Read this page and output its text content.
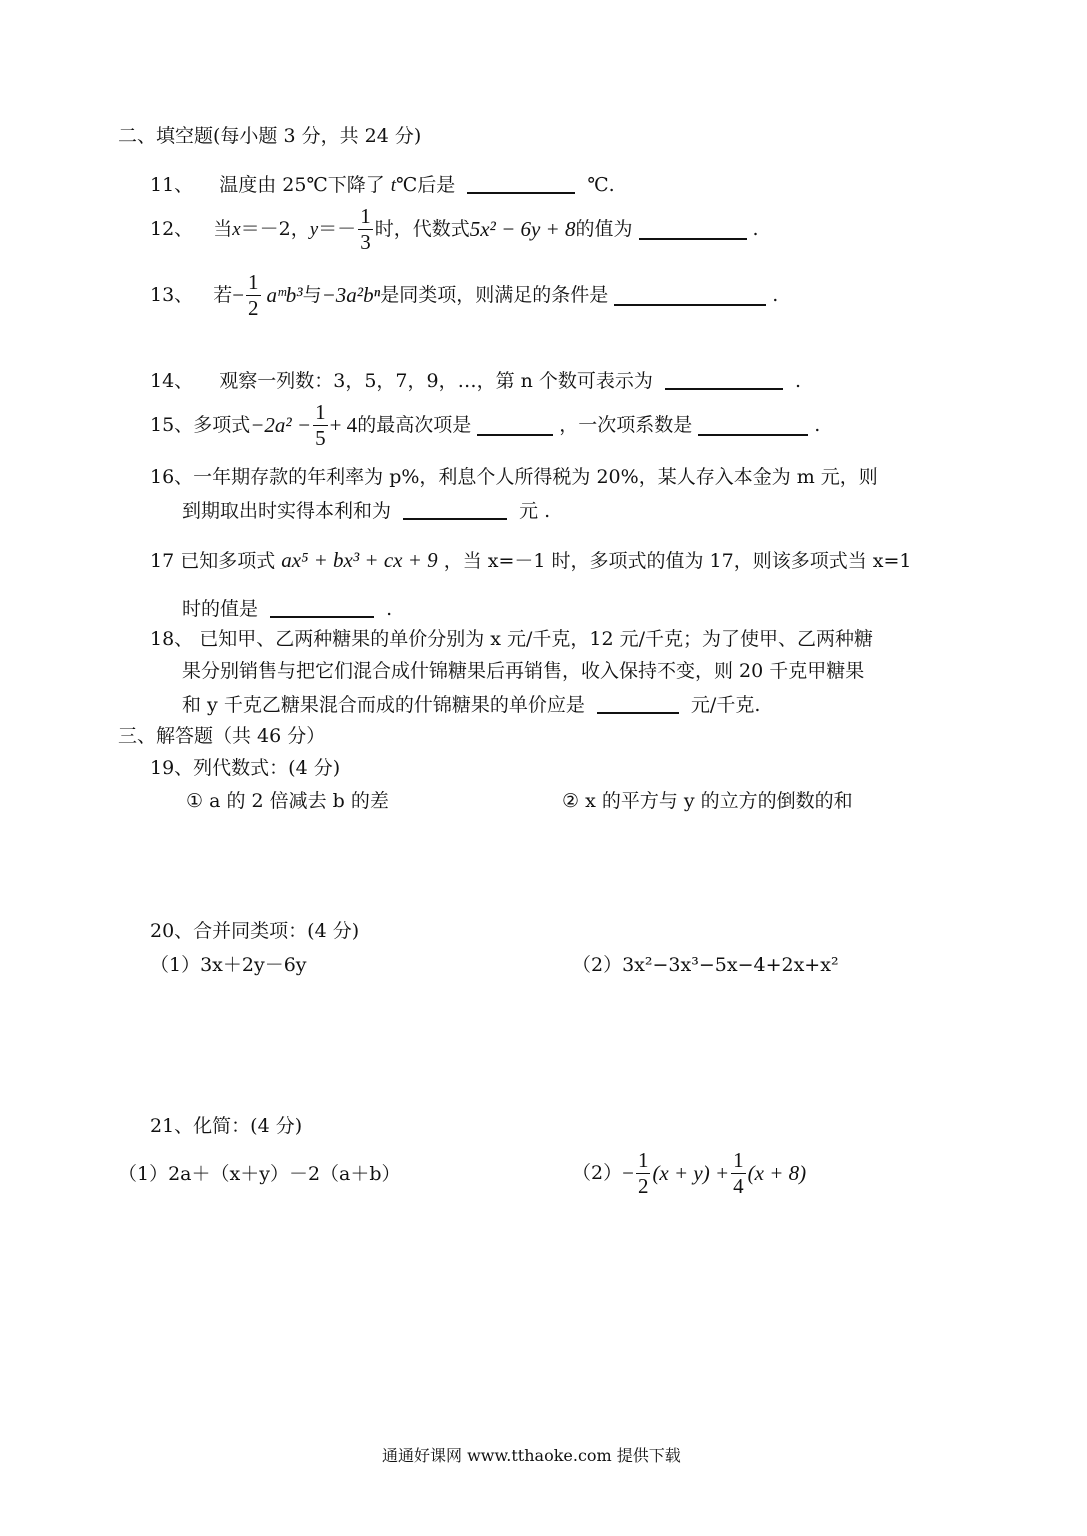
二、填空题(每小题 3 分，共 24 分)
11、 温度由 25℃下降了 t℃后是	℃.
12、 当 x ＝－2， $y =- \frac{1}{3}$ 时，代数式 5x² − 6y + 8 的值为	.
13、 若 − $\frac{1}{2}$ aᵐb³ 与 −3a²bⁿ 是同类项，则满足的条件是	.
14、 观察一列数：3，5，7，9，…，第 n 个数可表示为	.
15、 多项式 $-2a^2 - \frac{1}{5} + 4$ 的最高次项是	，一次项系数是	.
16、一年期存款的年利率为 p%，利息个人所得税为 20%，某人存入本金为 m 元，则
到期取出时实得本利和为	元 .
17 已知多项式 ax⁵ + bx³ + cx + 9 ，当 x=－1 时，多项式的值为 17，则该多项式当 x=1
时的值是	.
18、 已知甲、乙两种糖果的单价分别为 x 元/千克，12 元/千克；为了使甲、乙两种糖
果分别销售与把它们混合成什锦糖果后再销售，收入保持不变，则 20 千克甲糖果
和 y 千克乙糖果混合而成的什锦糖果的单价应是	元/千克.
三、解答题（共 46 分）
19、列代数式：(4 分)
① a 的 2 倍减去 b 的差	② x 的平方与 y 的立方的倒数的和
20、合并同类项：(4 分)
（1）3x＋2y－6y	（2）3x²−3x³−5x−4+2x+x²
21、化简：(4 分)
（1）2a＋（x＋y）－2（a＋b）	$(2) - \frac{1}{2} (x + y) + \frac{1}{4} (x + 8)$
通通好课网 www.tthaoke.com 提供下载
